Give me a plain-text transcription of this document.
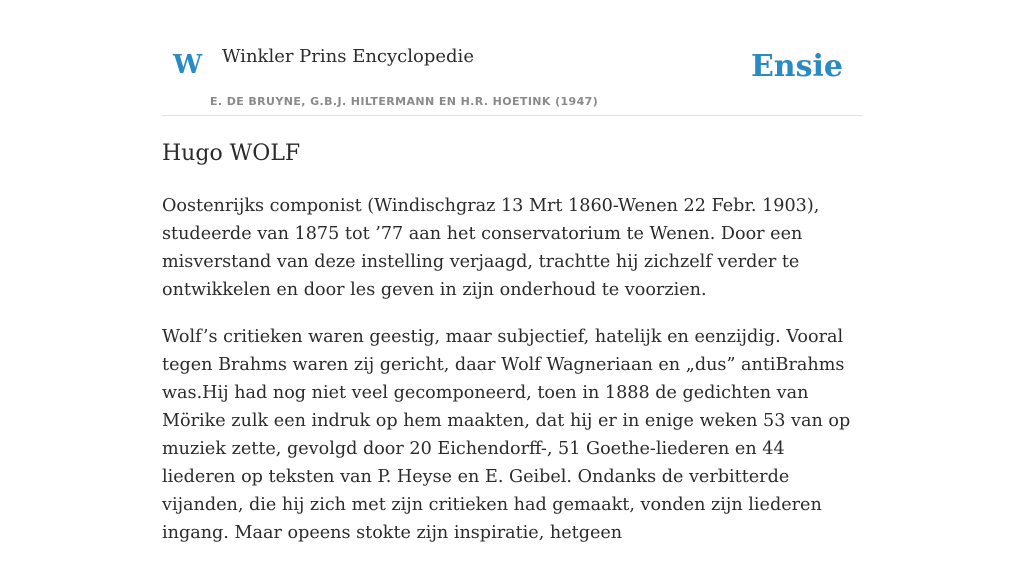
W Winkler Prins Encyclopedie
E. DE BRUYNE, G.B.J. HILTERMANN EN H.R. HOETINK (1947)
Ensie
Hugo WOLF

Oostenrijks componist (Windischgraz 13 Mrt 1860-Wenen 22 Febr. 1903), studeerde van 1875 tot ’77 aan het conservatorium te Wenen. Door een misverstand van deze instelling verjaagd, trachtte hij zichzelf verder te ontwikkelen en door les geven in zijn onderhoud te voorzien.

Wolf’s critieken waren geestig, maar subjectief, hatelijk en eenzijdig. Vooral tegen Brahms waren zij gericht, daar Wolf Wagneriaan en „dus” antiBrahms was.Hij had nog niet veel gecomponeerd, toen in 1888 de gedichten van Mörike zulk een indruk op hem maakten, dat hij er in enige weken 53 van op muziek zette, gevolgd door 20 Eichendorff-, 51 Goethe-liederen en 44 liederen op teksten van P. Heyse en E. Geibel. Ondanks de verbitterde vijanden, die hij zich met zijn critieken had gemaakt, vonden zijn liederen ingang. Maar opeens stokte zijn inspiratie, hetgeen
